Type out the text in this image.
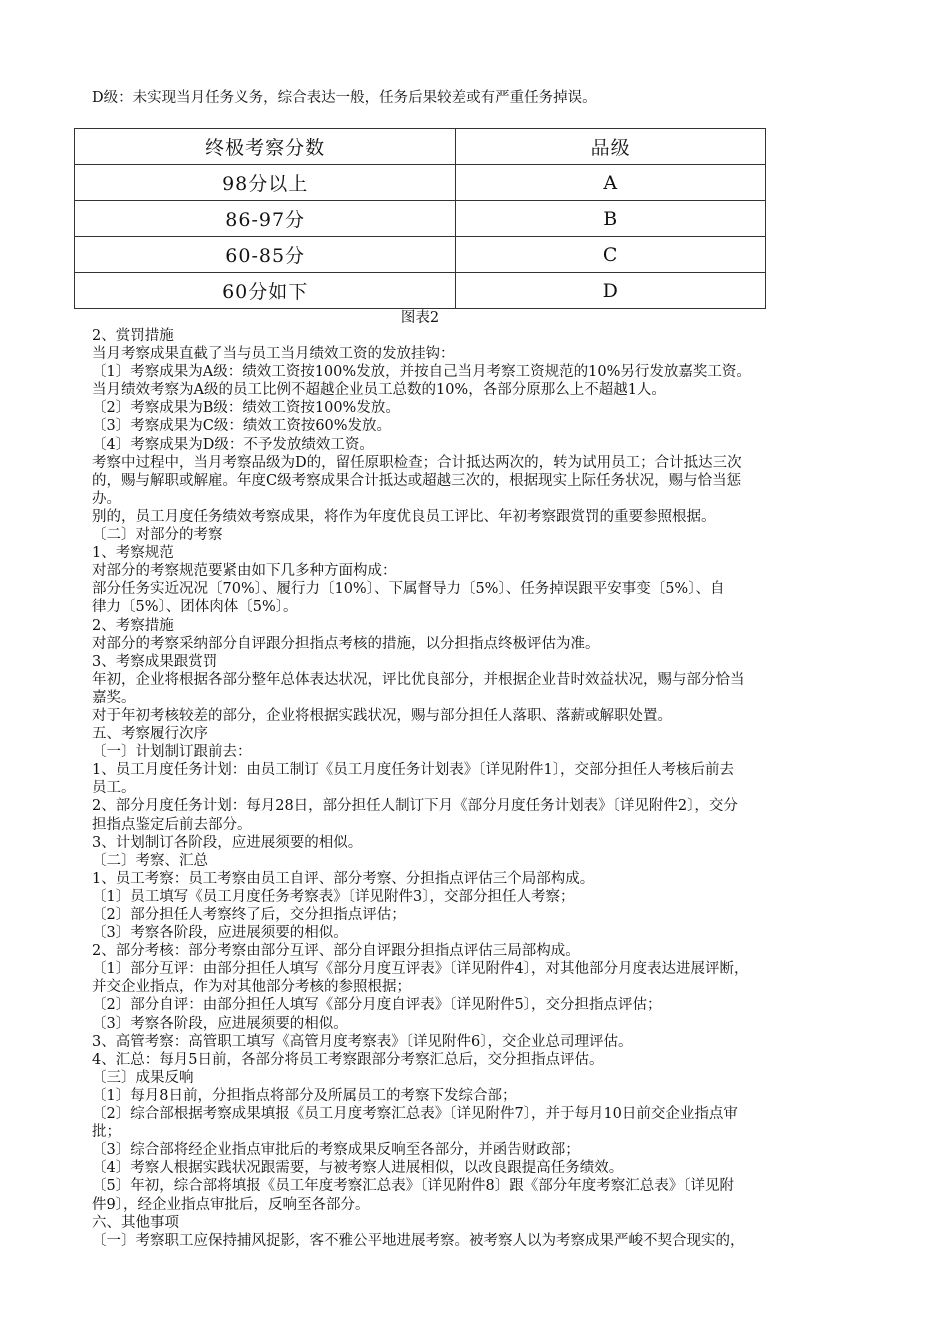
D级：未实现当月任务义务，综合表达一般，任务后果较差或有严重任务掉误。

终极考察分数	品级
98分以上	A
86-97分	B
60-85分	C
60分如下	D

图表2

2、赏罚措施

当月考察成果直截了当与员工当月绩效工资的发放挂钩：

〔1〕考察成果为A级：绩效工资按100%发放，并按自己当月考察工资规范的10%另行发放嘉奖工资。

当月绩效考察为A级的员工比例不超越企业员工总数的10%，各部分原那么上不超越1人。

〔2〕考察成果为B级：绩效工资按100%发放。

〔3〕考察成果为C级：绩效工资按60%发放。

〔4〕考察成果为D级：不予发放绩效工资。

考察中过程中，当月考察品级为D的，留任原职检查；合计抵达两次的，转为试用员工；合计抵达三次

的，赐与解职或解雇。年度C级考察成果合计抵达或超越三次的，根据现实上际任务状况，赐与恰当惩

办。

别的，员工月度任务绩效考察成果，将作为年度优良员工评比、年初考察跟赏罚的重要参照根据。

〔二〕对部分的考察

1、考察规范

对部分的考察规范要紧由如下几多种方面构成：

部分任务实近况况〔70%〕、履行力〔10%〕、下属督导力〔5%〕、任务掉误跟平安事变〔5%〕、自

律力〔5%〕、团体肉体〔5%〕。

2、考察措施

对部分的考察采纳部分自评跟分担指点考核的措施，以分担指点终极评估为准。

3、考察成果跟赏罚

年初，企业将根据各部分整年总体表达状况，评比优良部分，并根据企业昔时效益状况，赐与部分恰当

嘉奖。

对于年初考核较差的部分，企业将根据实践状况，赐与部分担任人落职、落薪或解职处置。

五、考察履行次序

〔一〕计划制订跟前去：

1、员工月度任务计划：由员工制订《员工月度任务计划表》〔详见附件1〕，交部分担任人考核后前去

员工。

2、部分月度任务计划：每月28日，部分担任人制订下月《部分月度任务计划表》〔详见附件2〕，交分

担指点鉴定后前去部分。

3、计划制订各阶段，应进展须要的相似。

〔二〕考察、汇总

1、员工考察：员工考察由员工自评、部分考察、分担指点评估三个局部构成。

〔1〕员工填写《员工月度任务考察表》〔详见附件3〕，交部分担任人考察；

〔2〕部分担任人考察终了后，交分担指点评估；

〔3〕考察各阶段，应进展须要的相似。

2、部分考核：部分考察由部分互评、部分自评跟分担指点评估三局部构成。

〔1〕部分互评：由部分担任人填写《部分月度互评表》〔详见附件4〕，对其他部分月度表达进展评断，

并交企业指点，作为对其他部分考核的参照根据；

〔2〕部分自评：由部分担任人填写《部分月度自评表》〔详见附件5〕，交分担指点评估；

〔3〕考察各阶段，应进展须要的相似。

3、高管考察：高管职工填写《高管月度考察表》〔详见附件6〕，交企业总司理评估。

4、汇总：每月5日前，各部分将员工考察跟部分考察汇总后，交分担指点评估。

〔三〕成果反响

〔1〕每月8日前，分担指点将部分及所属员工的考察下发综合部；

〔2〕综合部根据考察成果填报《员工月度考察汇总表》〔详见附件7〕，并于每月10日前交企业指点审

批；

〔3〕综合部将经企业指点审批后的考察成果反响至各部分，并函告财政部；

〔4〕考察人根据实践状况跟需要，与被考察人进展相似，以改良跟提高任务绩效。

〔5〕年初，综合部将填报《员工年度考察汇总表》〔详见附件8〕跟《部分年度考察汇总表》〔详见附

件9〕，经企业指点审批后，反响至各部分。

六、其他事项

〔一〕考察职工应保持捕风捉影，客不雅公平地进展考察。被考察人以为考察成果严峻不契合现实的，
